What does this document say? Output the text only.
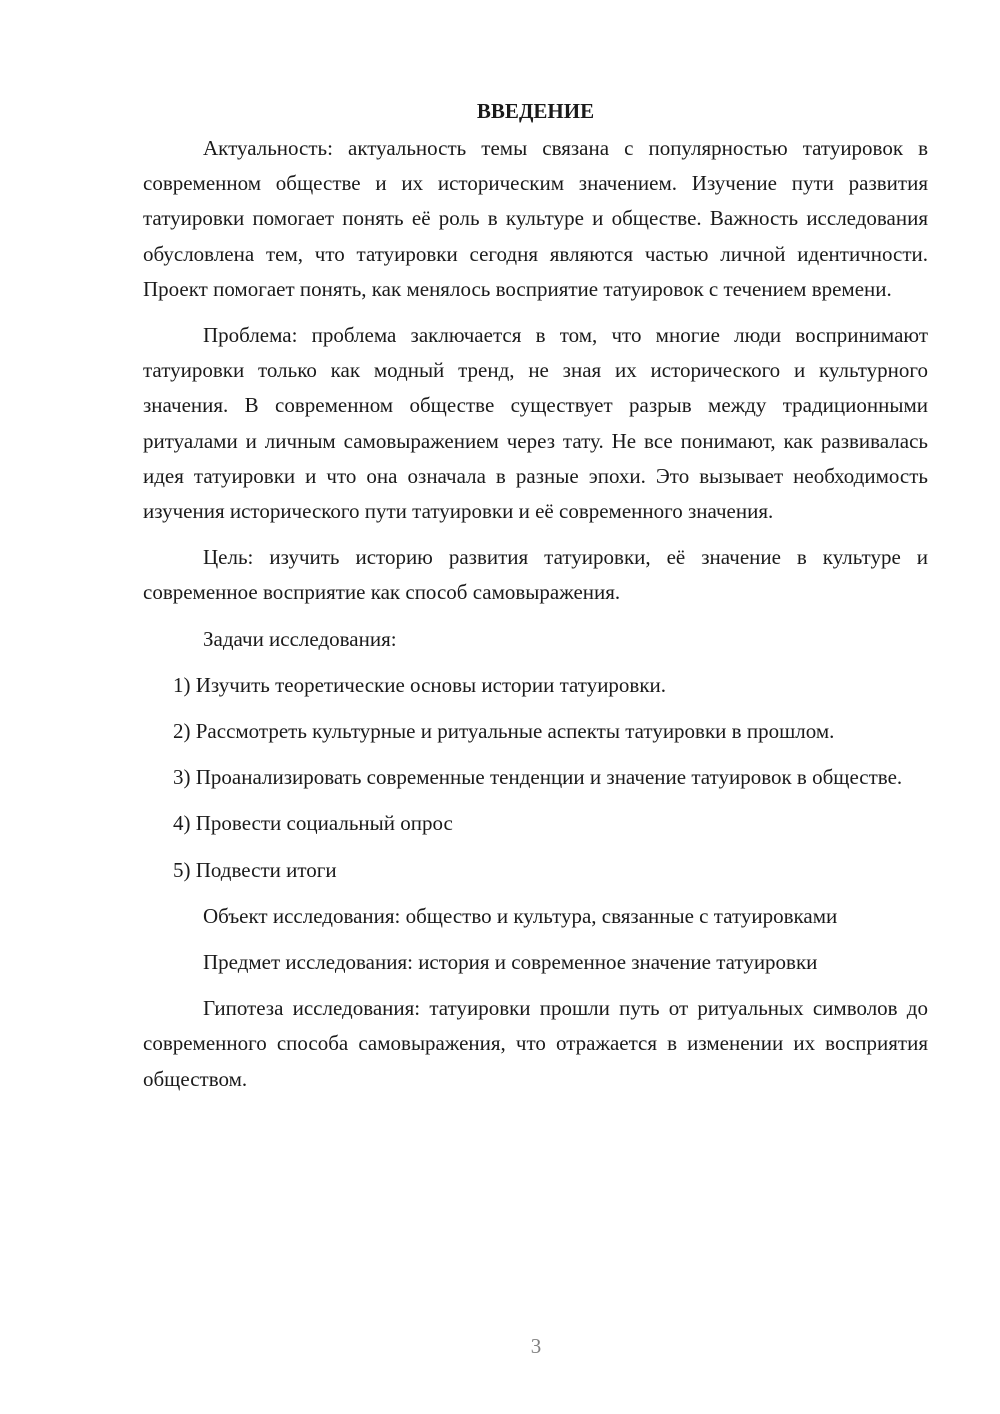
ВВЕДЕНИЕ

Актуальность: актуальность темы связана с популярностью татуировок в современном обществе и их историческим значением. Изучение пути развития татуировки помогает понять её роль в культуре и обществе. Важность исследования обусловлена тем, что татуировки сегодня являются частью личной идентичности. Проект помогает понять, как менялось восприятие татуировок с течением времени.

Проблема: проблема заключается в том, что многие люди воспринимают татуировки только как модный тренд, не зная их исторического и культурного значения. В современном обществе существует разрыв между традиционными ритуалами и личным самовыражением через тату. Не все понимают, как развивалась идея татуировки и что она означала в разные эпохи. Это вызывает необходимость изучения исторического пути татуировки и её современного значения.

Цель: изучить историю развития татуировки, её значение в культуре и современное восприятие как способ самовыражения.

Задачи исследования:

1) Изучить теоретические основы истории татуировки.

2) Рассмотреть культурные и ритуальные аспекты татуировки в прошлом.

3) Проанализировать современные тенденции и значение татуировок в обществе.

4) Провести социальный опрос

5) Подвести итоги

Объект исследования: общество и культура, связанные с татуировками

Предмет исследования: история и современное значение татуировки

Гипотеза исследования: татуировки прошли путь от ритуальных символов до современного способа самовыражения, что отражается в изменении их восприятия обществом.

3
